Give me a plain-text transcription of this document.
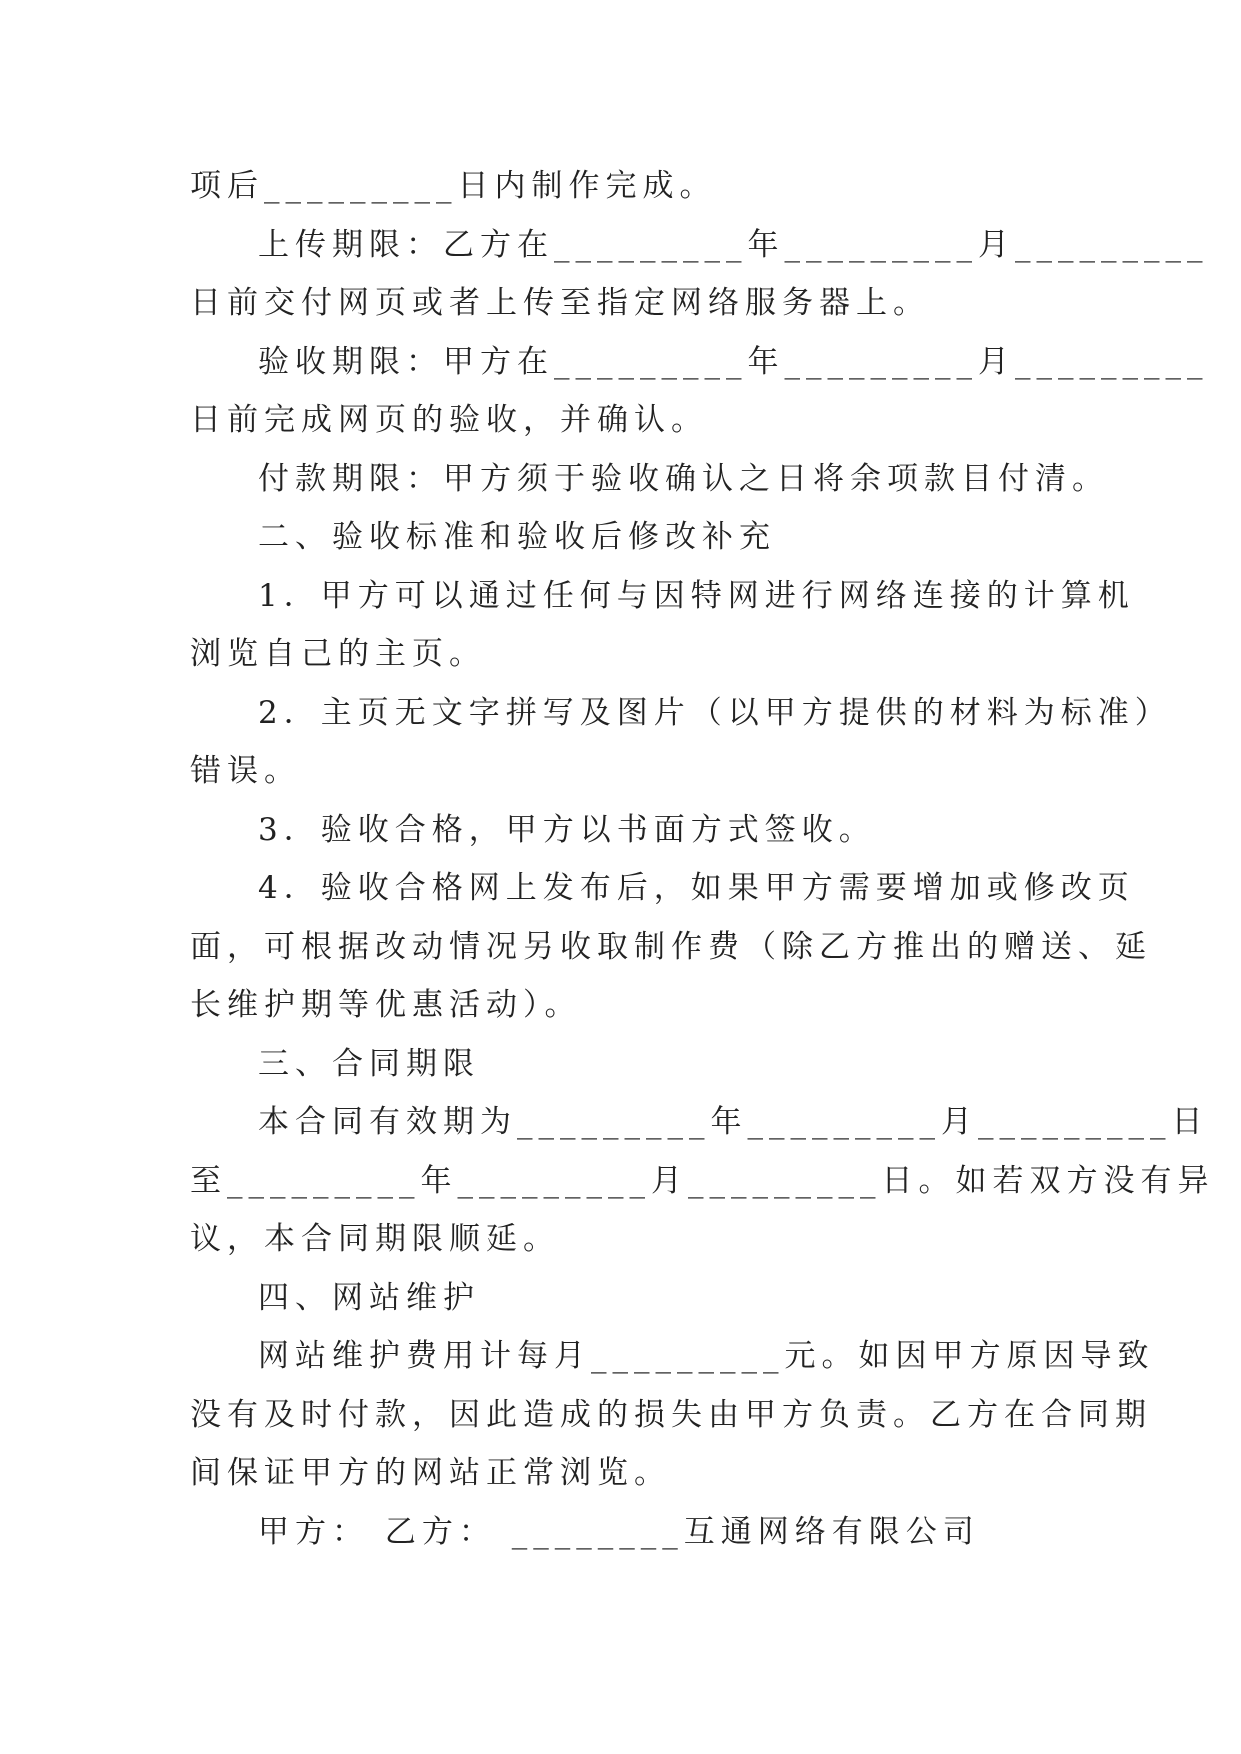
项后_________日内制作完成。
上传期限：乙方在_________年_________月_________
日前交付网页或者上传至指定网络服务器上。
验收期限：甲方在_________年_________月_________
日前完成网页的验收，并确认。
付款期限：甲方须于验收确认之日将余项款目付清。
二、验收标准和验收后修改补充
1．甲方可以通过任何与因特网进行网络连接的计算机
浏览自己的主页。
2．主页无文字拼写及图片（以甲方提供的材料为标准）
错误。
3．验收合格，甲方以书面方式签收。
4．验收合格网上发布后，如果甲方需要增加或修改页
面，可根据改动情况另收取制作费（除乙方推出的赠送、延
长维护期等优惠活动）。
三、合同期限
本合同有效期为_________年_________月_________日
至_________年_________月_________日。如若双方没有异
议，本合同期限顺延。
四、网站维护
网站维护费用计每月_________元。如因甲方原因导致
没有及时付款，因此造成的损失由甲方负责。乙方在合同期
间保证甲方的网站正常浏览。
甲方： 乙方： ________互通网络有限公司
